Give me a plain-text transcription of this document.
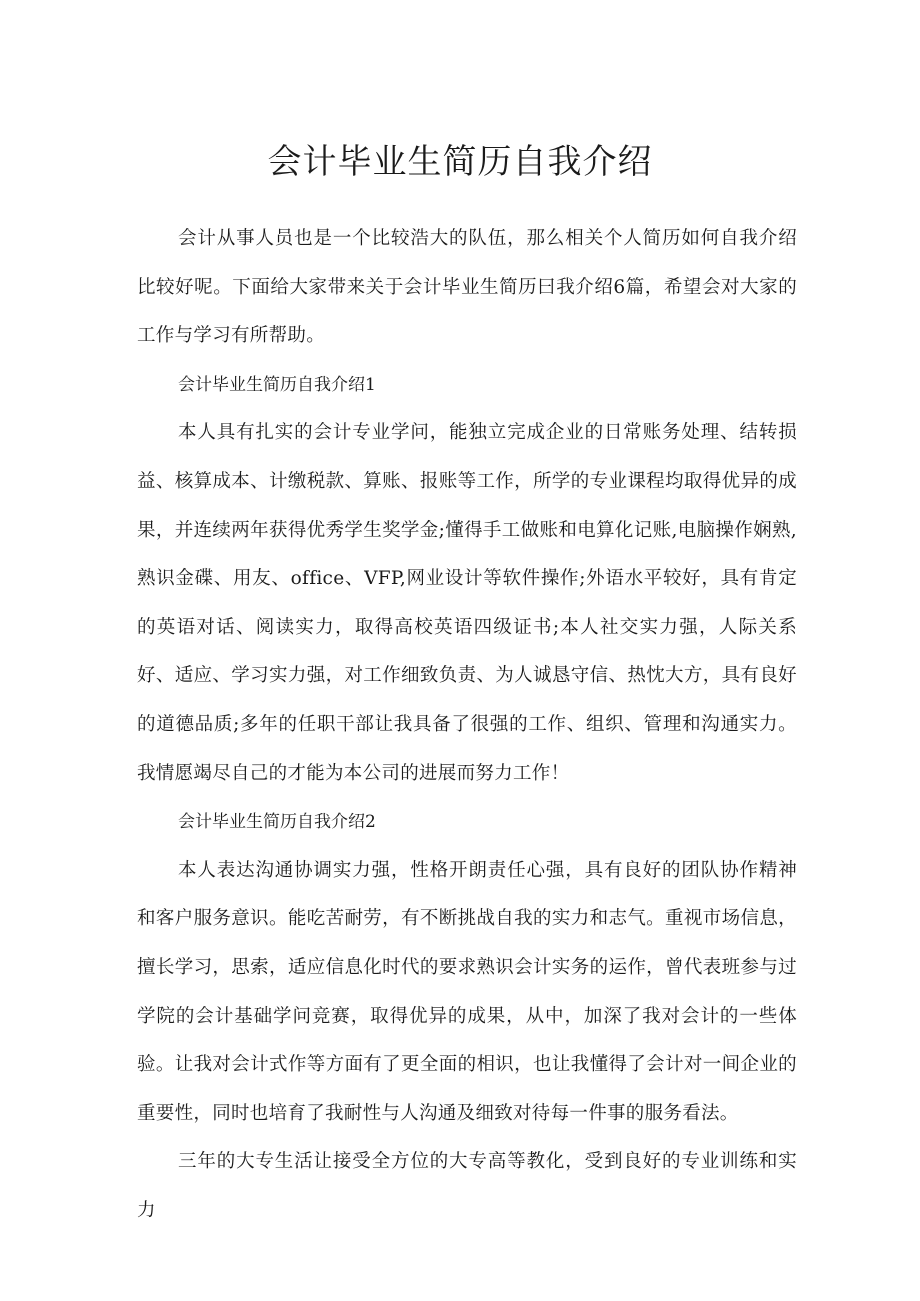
会计毕业生简历自我介绍

会计从事人员也是一个比较浩大的队伍，那么相关个人简历如何自我介绍比较好呢。下面给大家带来关于会计毕业生简历曰我介绍6篇，希望会对大家的工作与学习有所帮助。

会计毕业生简历自我介绍1

本人具有扎实的会计专业学问，能独立完成企业的日常账务处理、结转损益、核算成本、计缴税款、算账、报账等工作，所学的专业课程均取得优异的成果，并连续两年获得优秀学生奖学金;懂得手工做账和电算化记账,电脑操作娴熟,熟识金碟、用友、office、VFP,网业设计等软件操作;外语水平较好，具有肯定的英语对话、阅读实力，取得高校英语四级证书;本人社交实力强，人际关系好、适应、学习实力强，对工作细致负责、为人诚恳守信、热忱大方，具有良好的道德品质;多年的任职干部让我具备了很强的工作、组织、管理和沟通实力。我情愿竭尽自己的才能为本公司的进展而努力工作！

会计毕业生简历自我介绍2

本人表达沟通协调实力强，性格开朗责任心强，具有良好的团队协作精神和客户服务意识。能吃苦耐劳，有不断挑战自我的实力和志气。重视市场信息，擅长学习，思索，适应信息化时代的要求熟识会计实务的运作，曾代表班参与过学院的会计基础学问竞赛，取得优异的成果，从中，加深了我对会计的一些体验。让我对会计式作等方面有了更全面的相识，也让我懂得了会计对一间企业的重要性，同时也培育了我耐性与人沟通及细致对待每一件事的服务看法。

三年的大专生活让接受全方位的大专高等教化，受到良好的专业训练和实力
